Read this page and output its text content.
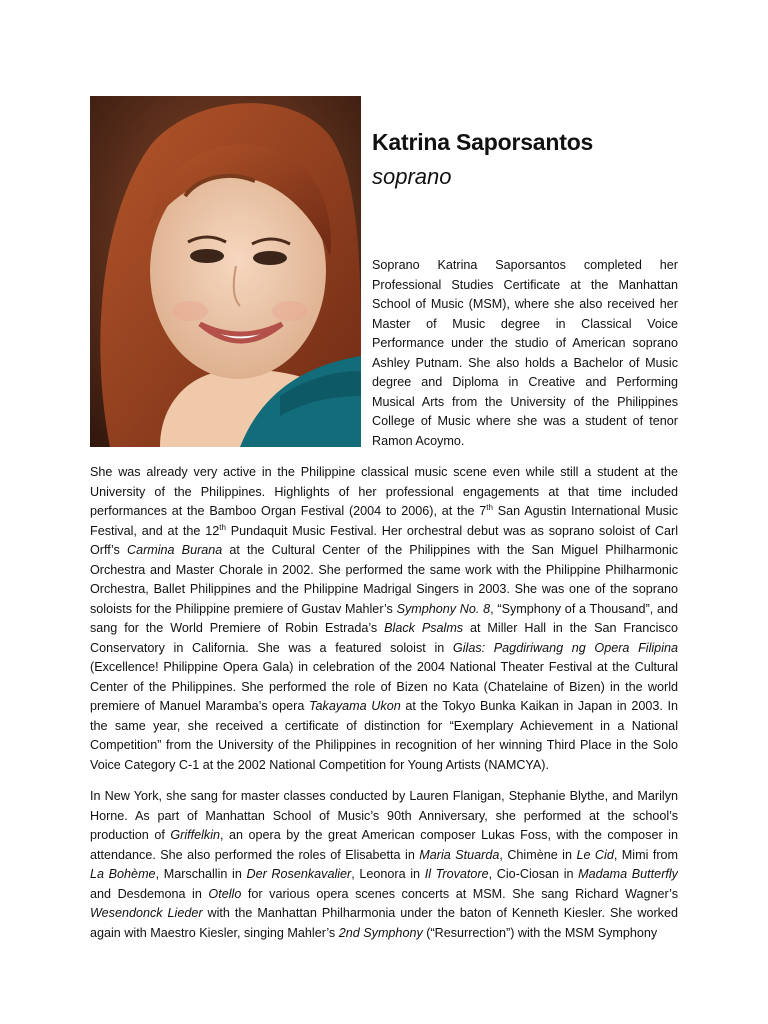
Katrina Saporsantos
soprano

Soprano Katrina Saporsantos completed her Professional Studies Certificate at the Manhattan School of Music (MSM), where she also received her Master of Music degree in Classical Voice Performance under the studio of American soprano Ashley Putnam. She also holds a Bachelor of Music degree and Diploma in Creative and Performing Musical Arts from the University of the Philippines College of Music where she was a student of tenor Ramon Acoymo.

She was already very active in the Philippine classical music scene even while still a student at the University of the Philippines. Highlights of her professional engagements at that time included performances at the Bamboo Organ Festival (2004 to 2006), at the 7th San Agustin International Music Festival, and at the 12th Pundaquit Music Festival. Her orchestral debut was as soprano soloist of Carl Orff’s Carmina Burana at the Cultural Center of the Philippines with the San Miguel Philharmonic Orchestra and Master Chorale in 2002. She performed the same work with the Philippine Philharmonic Orchestra, Ballet Philippines and the Philippine Madrigal Singers in 2003. She was one of the soprano soloists for the Philippine premiere of Gustav Mahler’s Symphony No. 8, “Symphony of a Thousand”, and sang for the World Premiere of Robin Estrada’s Black Psalms at Miller Hall in the San Francisco Conservatory in California. She was a featured soloist in Gilas: Pagdiriwang ng Opera Filipina (Excellence! Philippine Opera Gala) in celebration of the 2004 National Theater Festival at the Cultural Center of the Philippines. She performed the role of Bizen no Kata (Chatelaine of Bizen) in the world premiere of Manuel Maramba’s opera Takayama Ukon at the Tokyo Bunka Kaikan in Japan in 2003. In the same year, she received a certificate of distinction for “Exemplary Achievement in a National Competition” from the University of the Philippines in recognition of her winning Third Place in the Solo Voice Category C-1 at the 2002 National Competition for Young Artists (NAMCYA).

In New York, she sang for master classes conducted by Lauren Flanigan, Stephanie Blythe, and Marilyn Horne. As part of Manhattan School of Music’s 90th Anniversary, she performed at the school’s production of Griffelkin, an opera by the great American composer Lukas Foss, with the composer in attendance. She also performed the roles of Elisabetta in Maria Stuarda, Chimène in Le Cid, Mimi from La Bohème, Marschallin in Der Rosenkavalier, Leonora in Il Trovatore, Cio-Ciosan in Madama Butterfly and Desdemona in Otello for various opera scenes concerts at MSM. She sang Richard Wagner’s Wesendonck Lieder with the Manhattan Philharmonia under the baton of Kenneth Kiesler. She worked again with Maestro Kiesler, singing Mahler’s 2nd Symphony (“Resurrection”) with the MSM Symphony
